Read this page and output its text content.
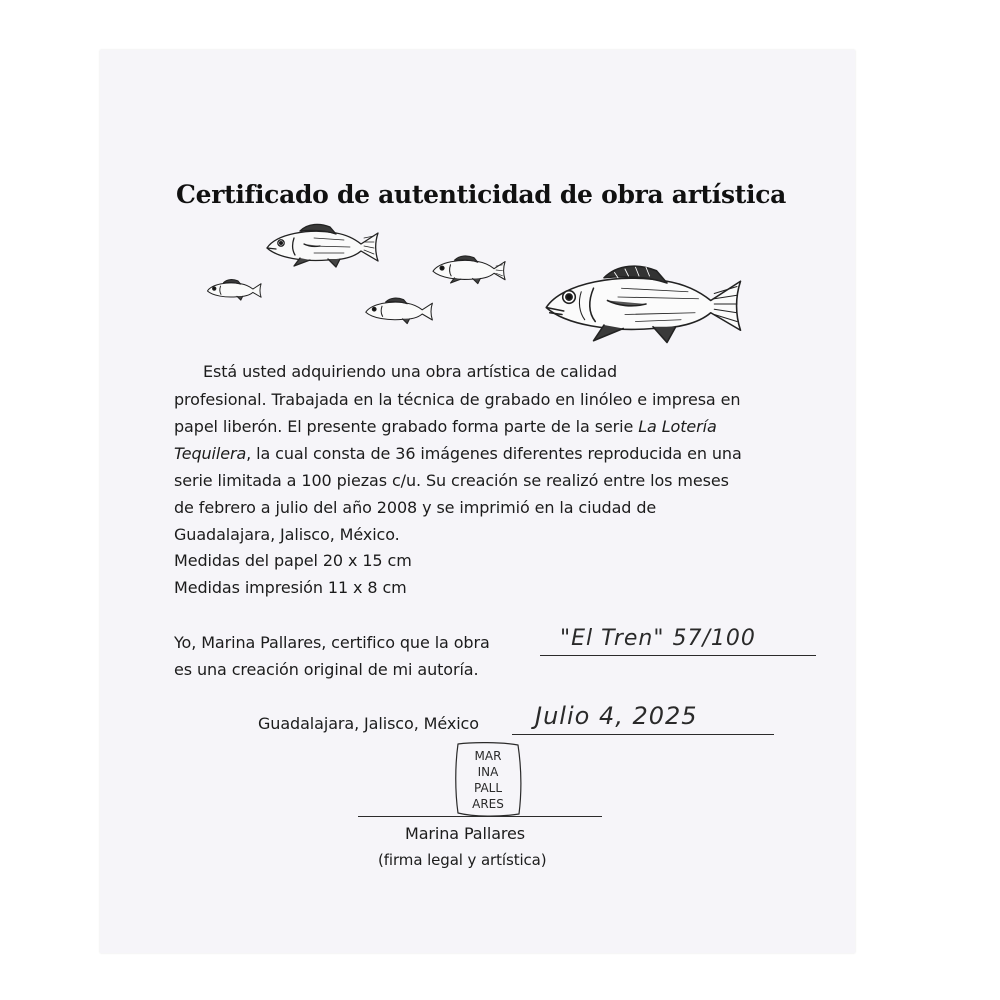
Certificado de autenticidad de obra artística
Está usted adquiriendo una obra artística de calidad
profesional. Trabajada en la técnica de grabado en linóleo e impresa en
papel liberón. El presente grabado forma parte de la serie La Lotería
Tequilera, la cual consta de 36 imágenes diferentes reproducida en una
serie limitada a 100 piezas c/u. Su creación se realizó entre los meses
de febrero a julio del año 2008 y se imprimió en la ciudad de
Guadalajara, Jalisco, México.
Medidas del papel 20 x 15 cm
Medidas impresión 11 x 8 cm
Yo, Marina Pallares, certifico que la obra	"El Tren" 57/100
es una creación original de mi autoría.
Guadalajara, Jalisco, México Julio 4, 2025
MAR
INA
PALL
ARES
Marina Pallares
(firma legal y artística)
